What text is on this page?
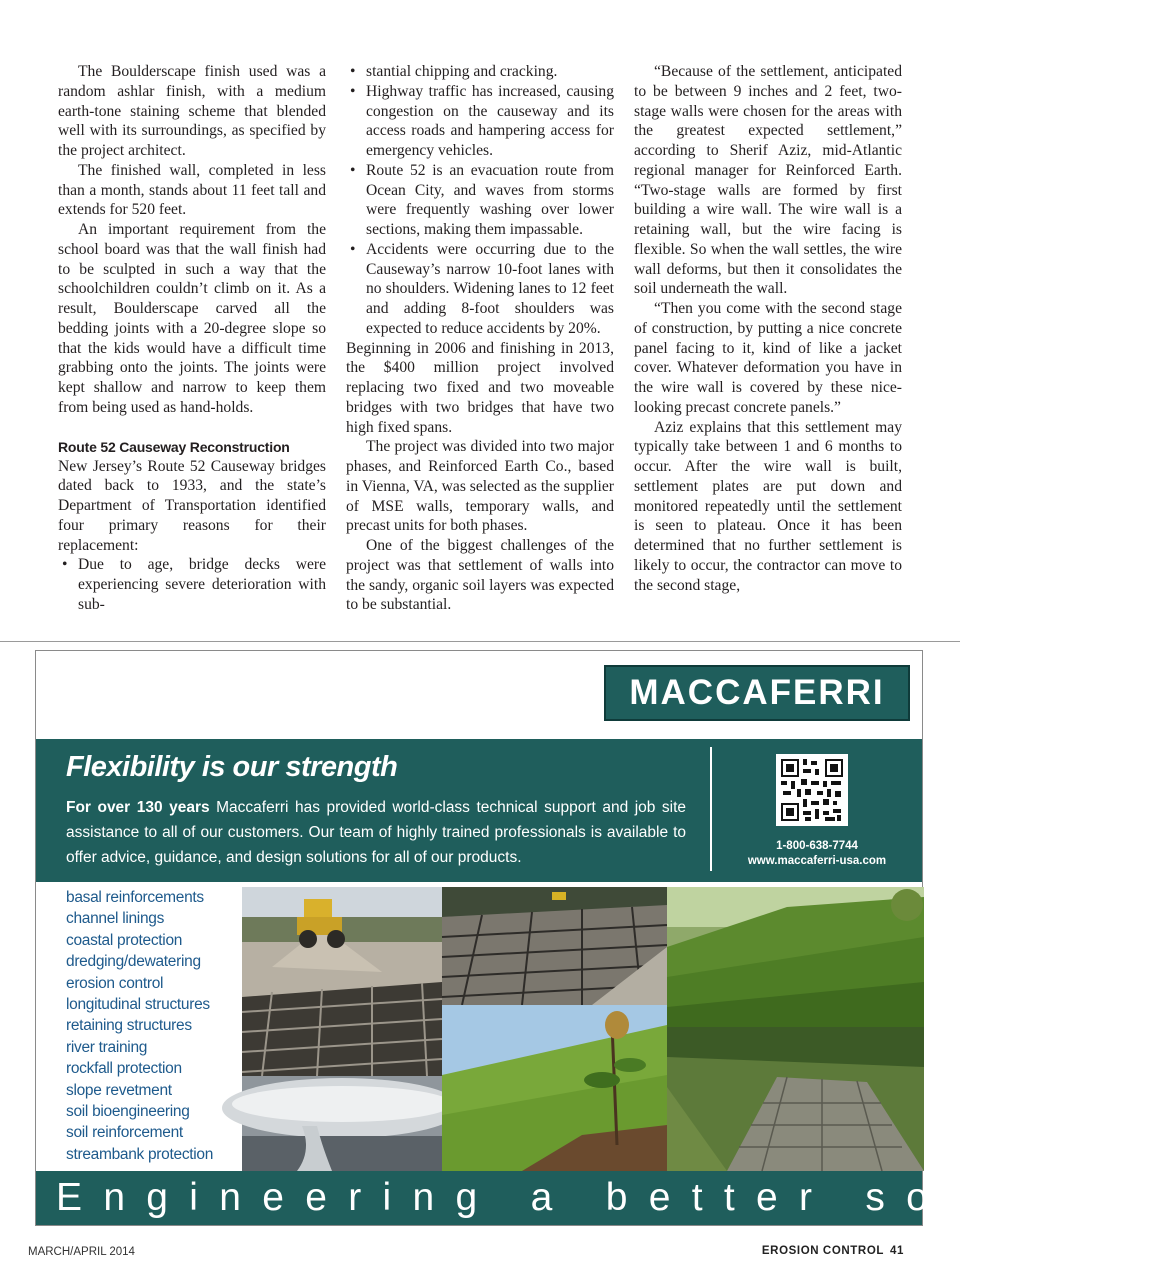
The Boulderscape finish used was a random ashlar finish, with a medium earth-tone staining scheme that blended well with its surroundings, as specified by the project architect.

The finished wall, completed in less than a month, stands about 11 feet tall and extends for 520 feet.

An important requirement from the school board was that the wall finish had to be sculpted in such a way that the schoolchildren couldn’t climb on it. As a result, Boulderscape carved all the bedding joints with a 20-degree slope so that the kids would have a difficult time grabbing onto the joints. The joints were kept shallow and narrow to keep them from being used as hand-holds.

Route 52 Causeway Reconstruction

New Jersey’s Route 52 Causeway bridges dated back to 1933, and the state’s Department of Transportation identified four primary reasons for their replacement:

• Due to age, bridge decks were experiencing severe deterioration with sub-
• stantial chipping and cracking.
• Highway traffic has increased, causing congestion on the causeway and its access roads and hampering access for emergency vehicles.
• Route 52 is an evacuation route from Ocean City, and waves from storms were frequently washing over lower sections, making them impassable.
• Accidents were occurring due to the Causeway’s narrow 10-foot lanes with no shoulders. Widening lanes to 12 feet and adding 8-foot shoulders was expected to reduce accidents by 20%.

Beginning in 2006 and finishing in 2013, the $400 million project involved replacing two fixed and two moveable bridges with two bridges that have two high fixed spans.

The project was divided into two major phases, and Reinforced Earth Co., based in Vienna, VA, was selected as the supplier of MSE walls, temporary walls, and precast units for both phases.

One of the biggest challenges of the project was that settlement of walls into the sandy, organic soil layers was expected to be substantial.

“Because of the settlement, anticipated to be between 9 inches and 2 feet, two-stage walls were chosen for the areas with the greatest expected settlement,” according to Sherif Aziz, mid-Atlantic regional manager for Reinforced Earth. “Two-stage walls are formed by first building a wire wall. The wire wall is a retaining wall, but the wire facing is flexible. So when the wall settles, the wire wall deforms, but then it consolidates the soil underneath the wall.

“Then you come with the second stage of construction, by putting a nice concrete panel facing to it, kind of like a jacket cover. Whatever deformation you have in the wire wall is covered by these nice-looking precast concrete panels.”

Aziz explains that this settlement may typically take between 1 and 6 months to occur. After the wire wall is built, settlement plates are put down and monitored repeatedly until the settlement is seen to plateau. Once it has been determined that no further settlement is likely to occur, the contractor can move to the second stage,

MACCAFERRI
Flexibility is our strength
For over 130 years Maccaferri has provided world-class technical support and job site assistance to all of our customers. Our team of highly trained professionals is available to offer advice, guidance, and design solutions for all of our products.
1-800-638-7744
www.maccaferri-usa.com
basal reinforcements
channel linings
coastal protection
dredging/dewatering
erosion control
longitudinal structures
retaining structures
river training
rockfall protection
slope revetment
soil bioengineering
soil reinforcement
streambank protection
Engineering a better solution
MARCH/APRIL 2014	EROSION CONTROL 41
